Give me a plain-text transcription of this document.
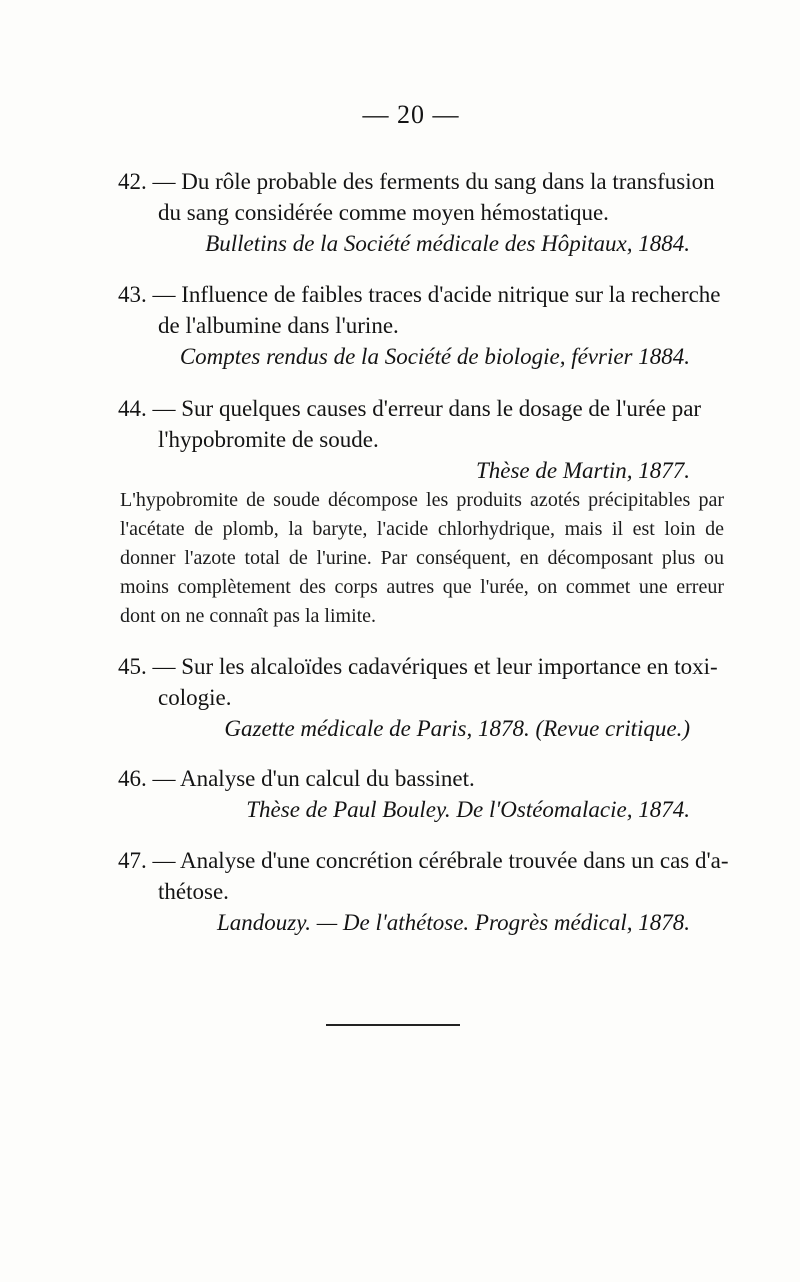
— 20 —
42. — Du rôle probable des ferments du sang dans la transfusion
du sang considérée comme moyen hémostatique.
Bulletins de la Société médicale des Hôpitaux, 1884.
43. — Influence de faibles traces d'acide nitrique sur la recherche
de l'albumine dans l'urine.
Comptes rendus de la Société de biologie, février 1884.
44. — Sur quelques causes d'erreur dans le dosage de l'urée par
l'hypobromite de soude.
Thèse de Martin, 1877.
L'hypobromite de soude décompose les produits azotés précipitables par l'acétate de plomb, la baryte, l'acide chlorhydrique, mais il est loin de donner l'azote total de l'urine. Par conséquent, en décomposant plus ou moins complètement des corps autres que l'urée, on commet une erreur dont on ne connaît pas la limite.
45. — Sur les alcaloïdes cadavériques et leur importance en toxi-
cologie.
Gazette médicale de Paris, 1878. (Revue critique.)
46. — Analyse d'un calcul du bassinet.
Thèse de Paul Bouley. De l'Ostéomalacie, 1874.
47. — Analyse d'une concrétion cérébrale trouvée dans un cas d'a-
thétose.
Landouzy. — De l'athétose. Progrès médical, 1878.
